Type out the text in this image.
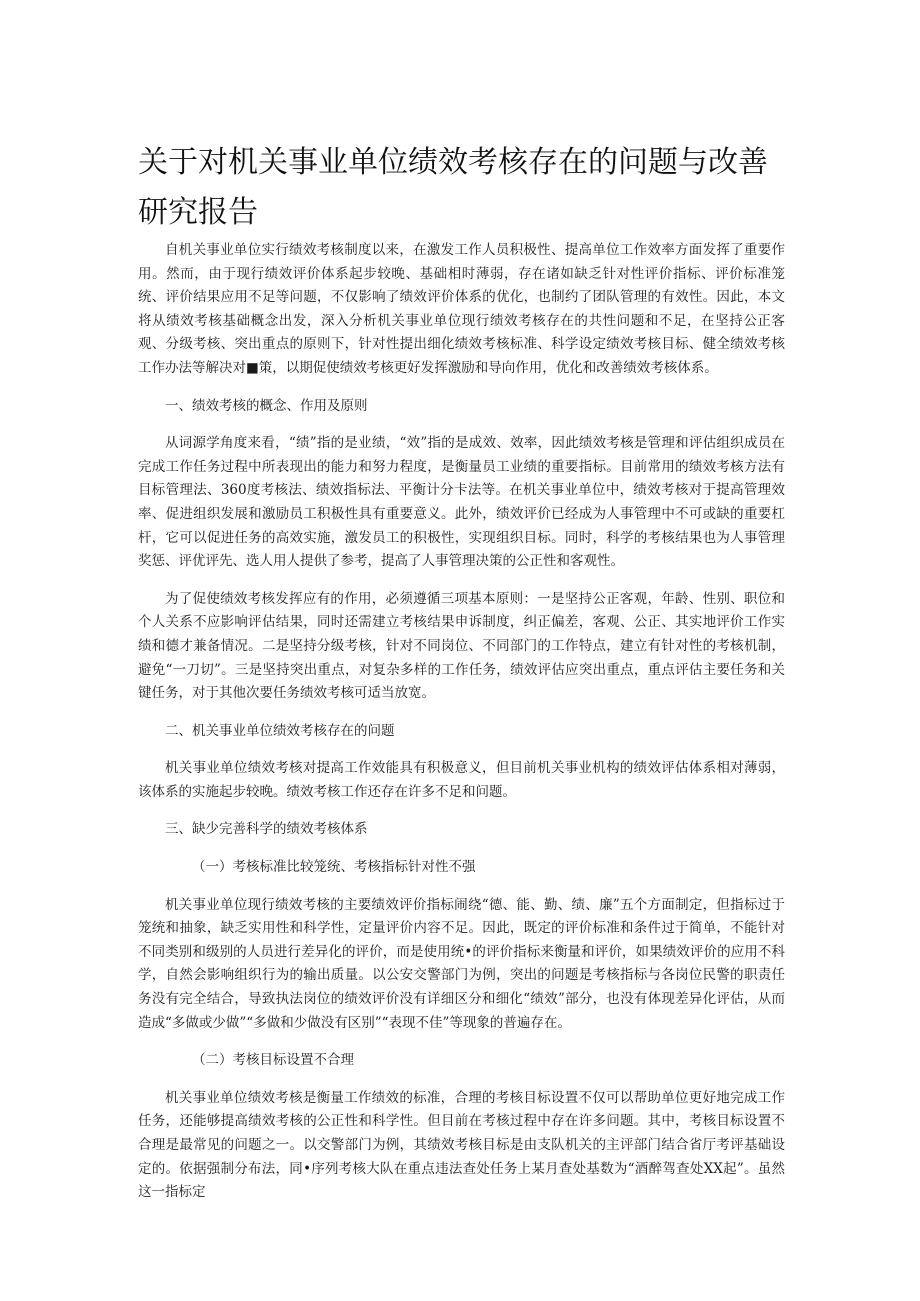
关于对机关事业单位绩效考核存在的问题与改善研究报告

自机关事业单位实行绩效考核制度以来，在激发工作人员积极性、提高单位工作效率方面发挥了重要作用。然而，由于现行绩效评价体系起步较晚、基础相时薄弱，存在诸如缺乏针对性评价指标、评价标准笼统、评价结果应用不足等问题，不仅影响了绩效评价体系的优化，也制约了团队管理的有效性。因此，本文将从绩效考核基础概念出发，深入分析机关事业单位现行绩效考核存在的共性问题和不足，在坚持公正客观、分级考核、突出重点的原则下，针对性提出细化绩效考核标准、科学设定绩效考核目标、健全绩效考核工作办法等解决对■策，以期促使绩效考核更好发挥激励和导向作用，优化和改善绩效考核体系。

一、绩效考核的概念、作用及原则

从词源学角度来看，“绩”指的是业绩，“效”指的是成效、效率，因此绩效考核是管理和评估组织成员在完成工作任务过程中所表现出的能力和努力程度，是衡量员工业绩的重要指标。目前常用的绩效考核方法有目标管理法、360度考核法、绩效指标法、平衡计分卡法等。在机关事业单位中，绩效考核对于提高管理效率、促进组织发展和激励员工积极性具有重要意义。此外，绩效评价已经成为人事管理中不可或缺的重要杠杆，它可以促进任务的高效实施，激发员工的积极性，实现组织目标。同时，科学的考核结果也为人事管理奖惩、评优评先、选人用人提供了参考，提高了人事管理决策的公正性和客观性。

为了促使绩效考核发挥应有的作用，必须遵循三项基本原则：一是坚持公正客观，年龄、性别、职位和个人关系不应影响评估结果，同时还需建立考核结果申诉制度，纠正偏差，客观、公正、其实地评价工作实绩和德才兼备情况。二是坚持分级考核，针对不同岗位、不同部门的工作特点，建立有针对性的考核机制，避免“一刀切”。三是坚持突出重点，对复杂多样的工作任务，绩效评估应突出重点，重点评估主要任务和关键任务，对于其他次要任务绩效考核可适当放宽。

二、机关事业单位绩效考核存在的问题

机关事业单位绩效考核对提高工作效能具有积极意义，但目前机关事业机构的绩效评估体系相对薄弱，该体系的实施起步较晚。绩效考核工作还存在许多不足和问题。

三、缺少完善科学的绩效考核体系

（一）考核标准比较笼统、考核指标针对性不强

机关事业单位现行绩效考核的主要绩效评价指标闹绕“德、能、勤、绩、廉”五个方面制定，但指标过于笼统和抽象，缺乏实用性和科学性，定量评价内容不足。因此，既定的评价标准和条件过于简单，不能针对不同类别和级别的人员进行差异化的评价，而是使用统•的评价指标来衡量和评价，如果绩效评价的应用不科学，自然会影响组织行为的输出质量。以公安交警部门为例，突出的问题是考核指标与各岗位民警的职责任务没有完全结合，导致执法岗位的绩效评价没有详细区分和细化“绩效”部分，也没有体现差异化评估，从而造成“多做或少做”“多做和少做没有区别”“表现不佳”等现象的普遍存在。

（二）考核目标设置不合理

机关事业单位绩效考核是衡量工作绩效的标准，合理的考核目标设置不仅可以帮助单位更好地完成工作任务，还能够提高绩效考核的公正性和科学性。但目前在考核过程中存在许多问题。其中，考核目标设置不合理是最常见的问题之一。以交警部门为例，其绩效考核目标是由支队机关的主评部门结合省厅考评基础设定的。依据强制分布法，同•序列考核大队在重点违法查处任务上某月查处基数为“酒醉驾查处XX起”。虽然这一指标定
